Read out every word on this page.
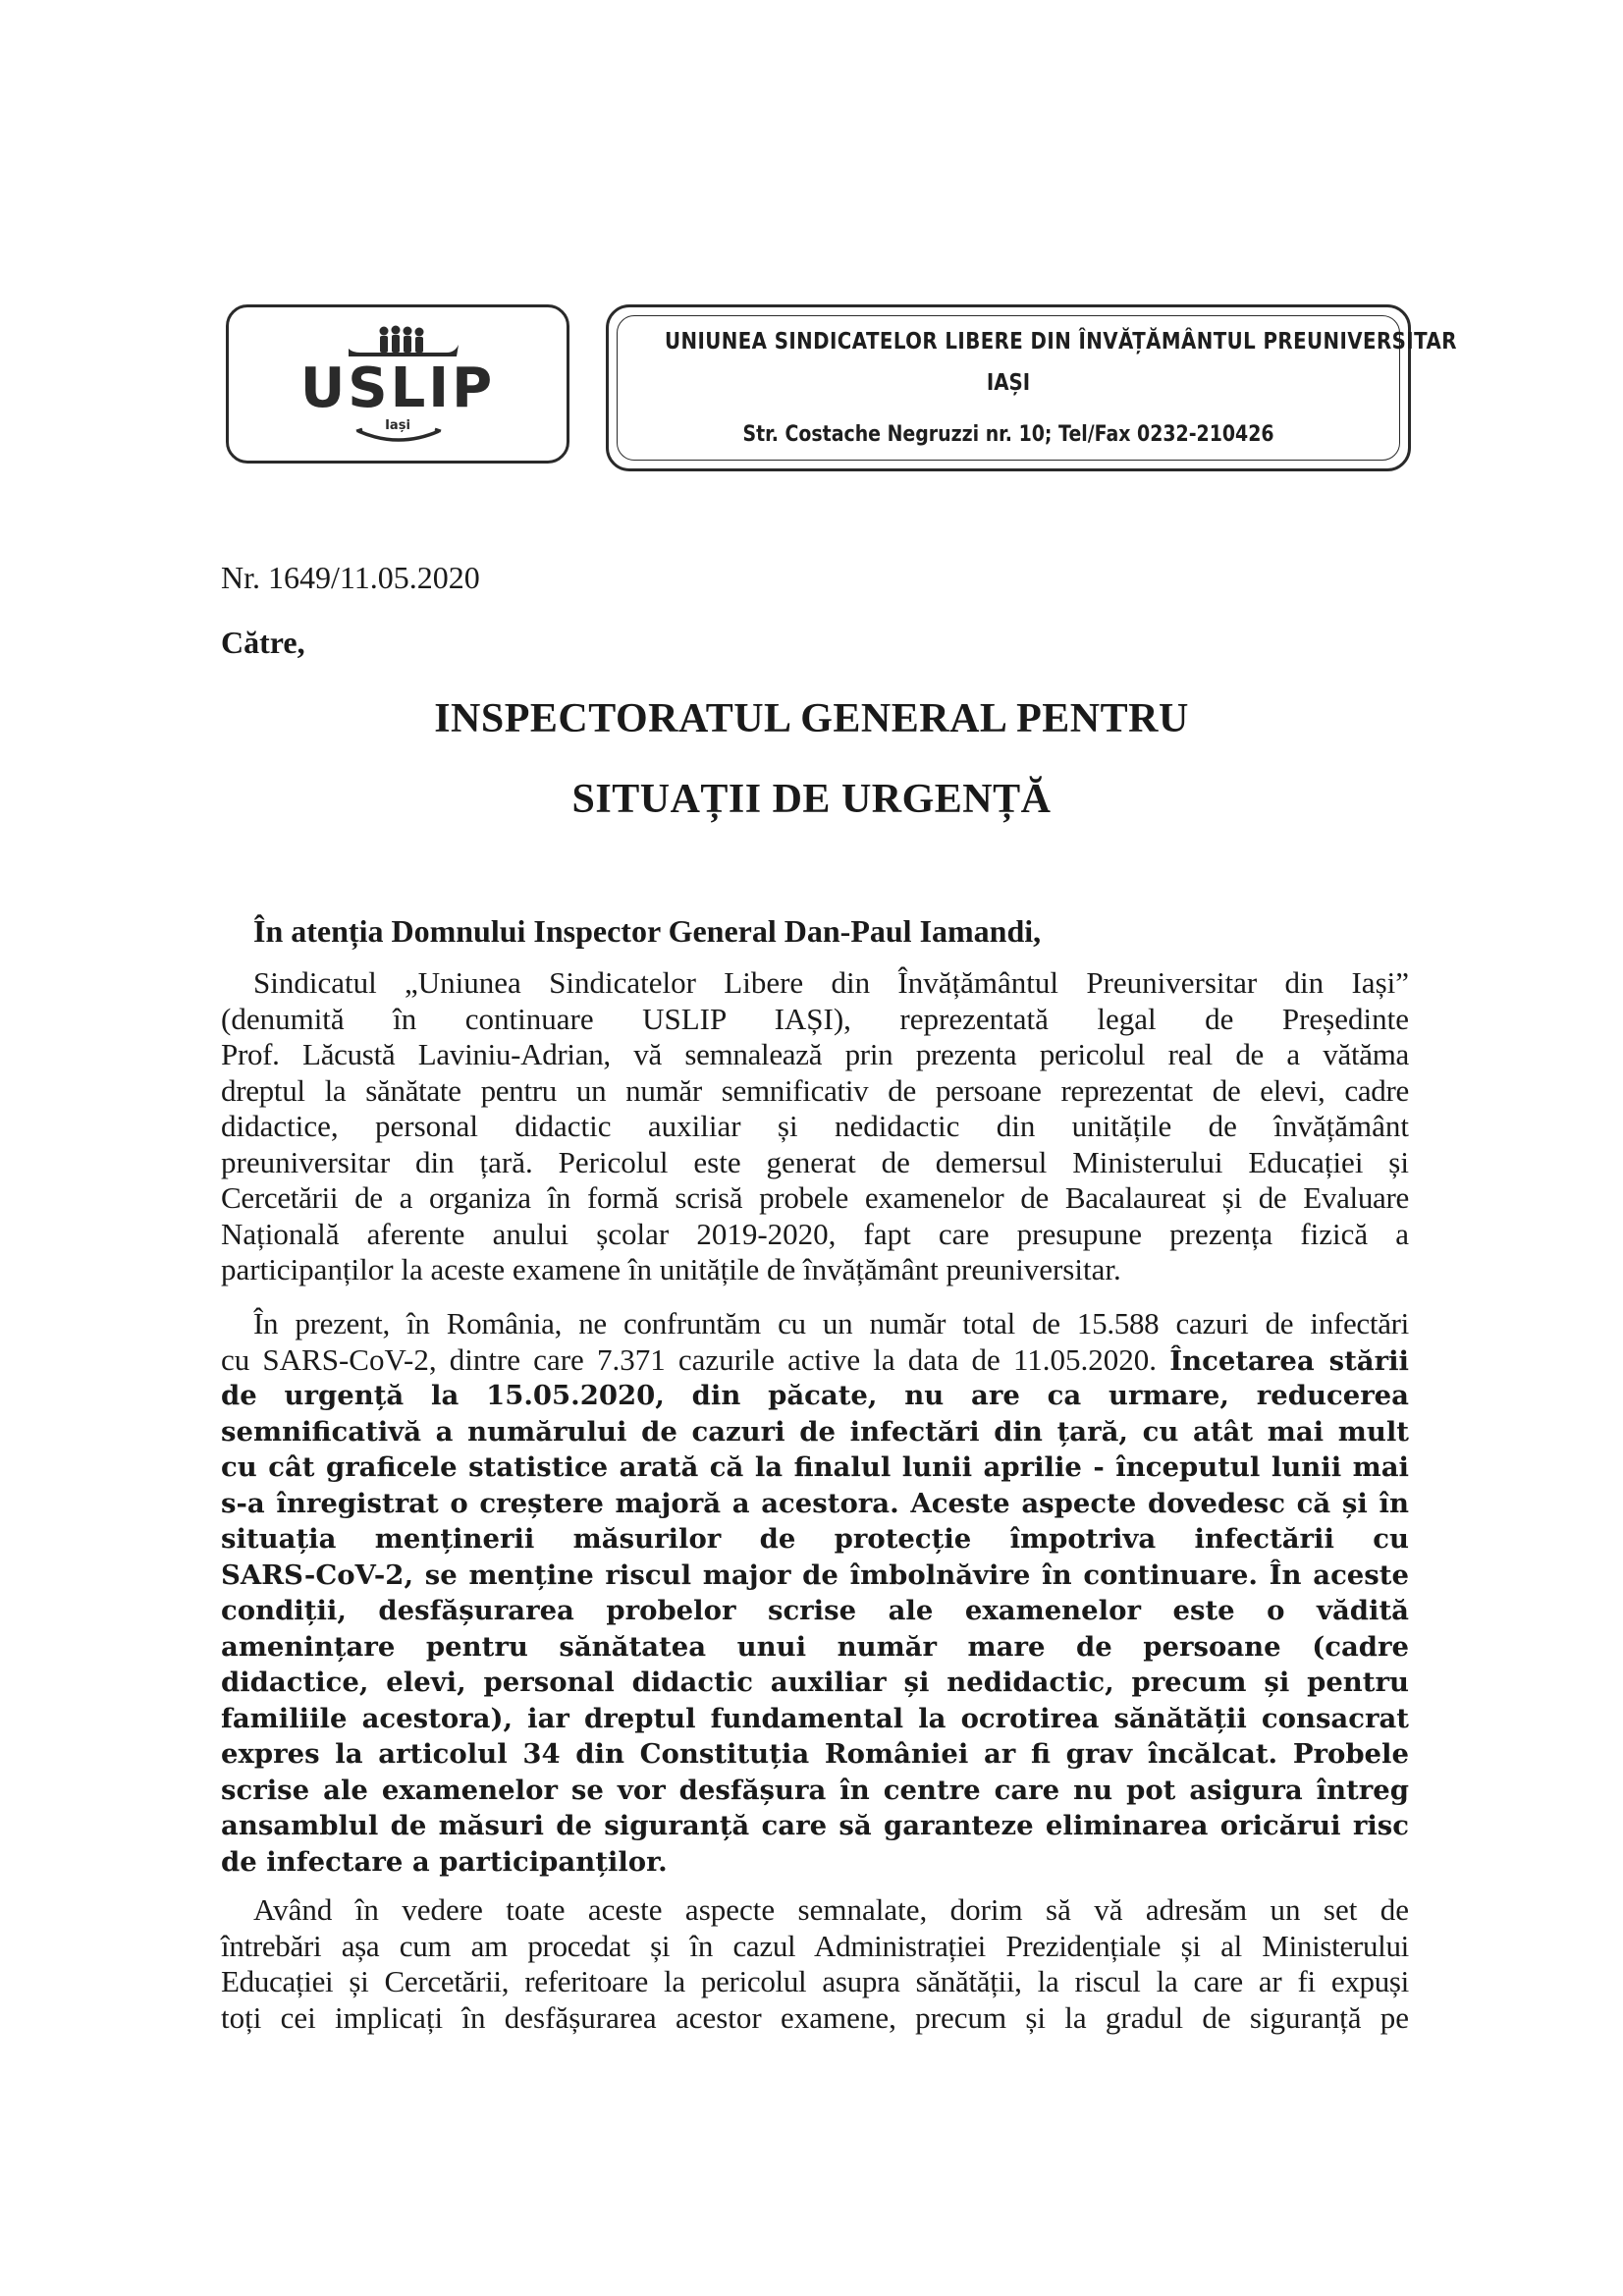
USLIP
Iași
UNIUNEA SINDICATELOR LIBERE DIN ÎNVĂȚĂMÂNTUL PREUNIVERSITAR
IAȘI
Str. Costache Negruzzi nr. 10; Tel/Fax 0232-210426
Nr. 1649/11.05.2020
Către,
INSPECTORATUL GENERAL PENTRU
SITUAȚII DE URGENȚĂ
În atenția Domnului Inspector General Dan-Paul Iamandi,
Sindicatul „Uniunea Sindicatelor Libere din Învățământul Preuniversitar din Iași”
(denumită în continuare USLIP IAȘI), reprezentată legal de Președinte
Prof. Lăcustă Laviniu-Adrian, vă semnalează prin prezenta pericolul real de a vătăma
dreptul la sănătate pentru un număr semnificativ de persoane reprezentat de elevi, cadre
didactice, personal didactic auxiliar și nedidactic din unitățile de învățământ
preuniversitar din țară. Pericolul este generat de demersul Ministerului Educației și
Cercetării de a organiza în formă scrisă probele examenelor de Bacalaureat și de Evaluare
Națională aferente anului școlar 2019-2020, fapt care presupune prezența fizică a
participanților la aceste examene în unitățile de învățământ preuniversitar.
În prezent, în România, ne confruntăm cu un număr total de 15.588 cazuri de infectări
cu SARS-CoV-2, dintre care 7.371 cazurile active la data de 11.05.2020. Încetarea stării
de urgență la 15.05.2020, din păcate, nu are ca urmare, reducerea
semnificativă a numărului de cazuri de infectări din țară, cu atât mai mult
cu cât graficele statistice arată că la finalul lunii aprilie - începutul lunii mai
s-a înregistrat o creștere majoră a acestora. Aceste aspecte dovedesc că și în
situația menținerii măsurilor de protecție împotriva infectării cu
SARS-CoV-2, se menține riscul major de îmbolnăvire în continuare. În aceste
condiții, desfășurarea probelor scrise ale examenelor este o vădită
amenințare pentru sănătatea unui număr mare de persoane (cadre
didactice, elevi, personal didactic auxiliar și nedidactic, precum și pentru
familiile acestora), iar dreptul fundamental la ocrotirea sănătății consacrat
expres la articolul 34 din Constituția României ar fi grav încălcat. Probele
scrise ale examenelor se vor desfășura în centre care nu pot asigura întreg
ansamblul de măsuri de siguranță care să garanteze eliminarea oricărui risc
de infectare a participanților.
Având în vedere toate aceste aspecte semnalate, dorim să vă adresăm un set de
întrebări așa cum am procedat și în cazul Administrației Prezidențiale și al Ministerului
Educației și Cercetării, referitoare la pericolul asupra sănătății, la riscul la care ar fi expuși
toți cei implicați în desfășurarea acestor examene, precum și la gradul de siguranță pe
